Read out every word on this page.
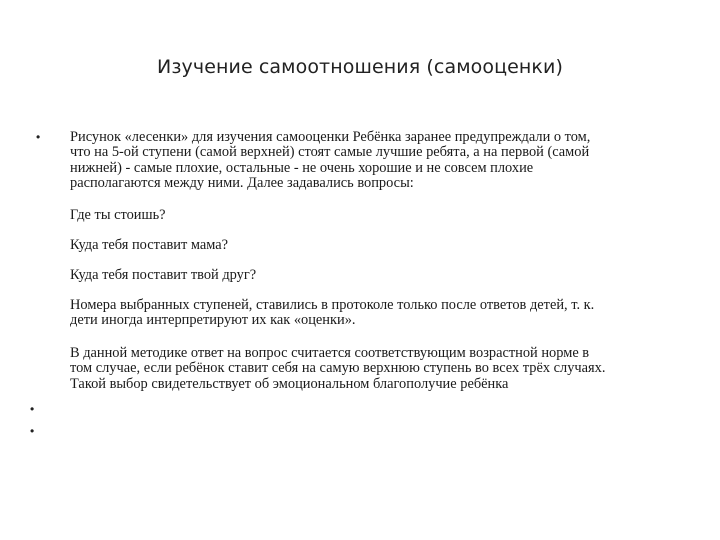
Изучение самоотношения (самооценки)
• Рисунок «лесенки» для изучения самооценки Ребёнка заранее предупреждали о том,
что на 5-ой ступени (самой верхней) стоят самые лучшие ребята, а на первой (самой
нижней) - самые плохие, остальные - не очень хорошие и не совсем плохие
располагаются между ними. Далее задавались вопросы:

Где ты стоишь?

Куда тебя поставит мама?

Куда тебя поставит твой друг?

Номера выбранных ступеней, ставились в протоколе только после ответов детей, т. к.
дети иногда интерпретируют их как «оценки».

В данной методике ответ на вопрос считается соответствующим возрастной норме в
том случае, если ребёнок ставит себя на самую верхнюю ступень во всех трёх случаях.
Такой выбор свидетельствует об эмоциональном благополучие ребёнка

•
•
